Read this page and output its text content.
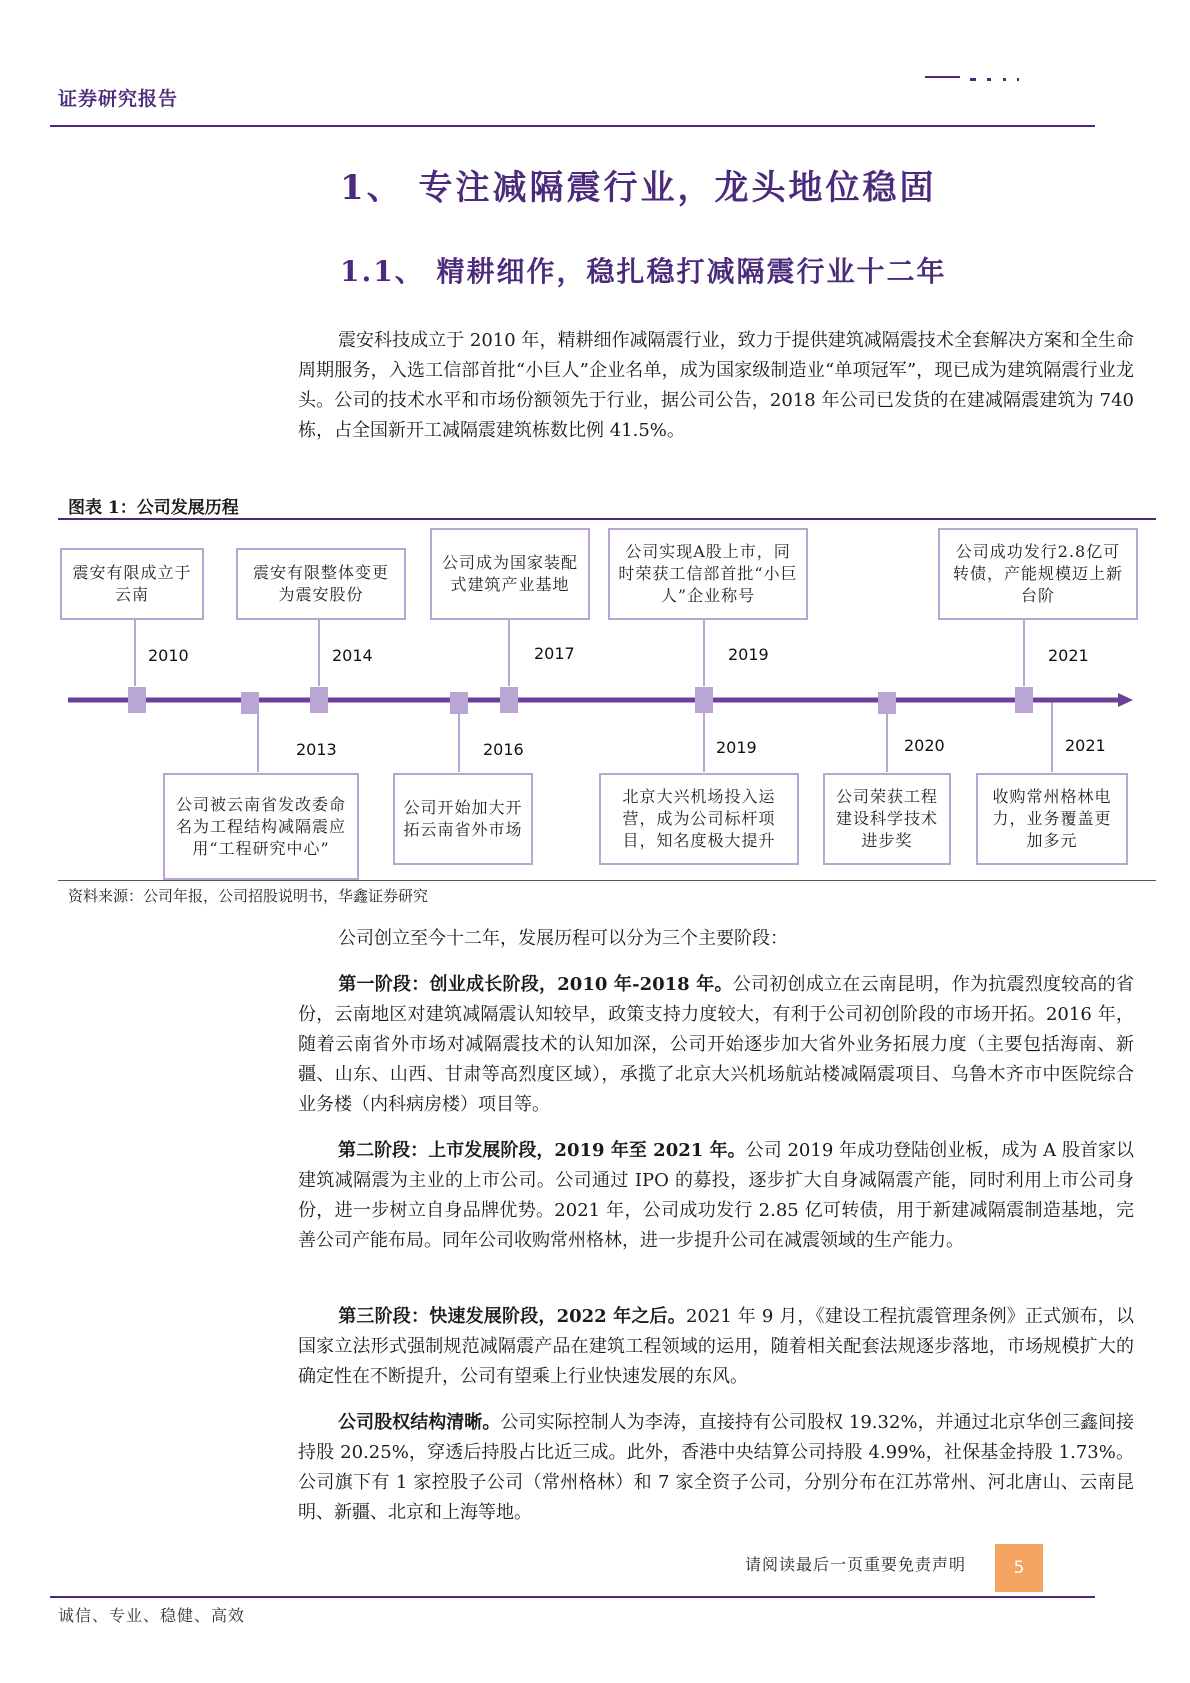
证券研究报告
1、 专注减隔震行业，龙头地位稳固
1.1、 精耕细作，稳扎稳打减隔震行业十二年
震安科技成立于 2010 年，精耕细作减隔震行业，致力于提供建筑减隔震技术全套解决方案和全生命周期服务，入选工信部首批“小巨人”企业名单，成为国家级制造业“单项冠军”，现已成为建筑隔震行业龙头。公司的技术水平和市场份额领先于行业，据公司公告，2018 年公司已发货的在建减隔震建筑为 740 栋，占全国新开工减隔震建筑栋数比例 41.5%。
图表 1：公司发展历程
震安有限成立于云南
震安有限整体变更为震安股份
公司成为国家装配式建筑产业基地
公司实现A股上市，同时荣获工信部首批“小巨人”企业称号
公司成功发行2.8亿可转债，产能规模迈上新台阶
2010	2014	2017	2019	2021
2013	2016	2019	2020	2021
公司被云南省发改委命名为工程结构减隔震应用“工程研究中心”
公司开始加大开拓云南省外市场
北京大兴机场投入运营，成为公司标杆项目，知名度极大提升
公司荣获工程建设科学技术进步奖
收购常州格林电力，业务覆盖更加多元
资料来源：公司年报，公司招股说明书，华鑫证券研究
公司创立至今十二年，发展历程可以分为三个主要阶段：
第一阶段：创业成长阶段，2010 年-2018 年。公司初创成立在云南昆明，作为抗震烈度较高的省份，云南地区对建筑减隔震认知较早，政策支持力度较大，有利于公司初创阶段的市场开拓。2016 年，随着云南省外市场对减隔震技术的认知加深，公司开始逐步加大省外业务拓展力度（主要包括海南、新疆、山东、山西、甘肃等高烈度区域），承揽了北京大兴机场航站楼减隔震项目、乌鲁木齐市中医院综合业务楼（内科病房楼）项目等。
第二阶段：上市发展阶段，2019 年至 2021 年。公司 2019 年成功登陆创业板，成为 A 股首家以建筑减隔震为主业的上市公司。公司通过 IPO 的募投，逐步扩大自身减隔震产能，同时利用上市公司身份，进一步树立自身品牌优势。2021 年，公司成功发行 2.85 亿可转债，用于新建减隔震制造基地，完善公司产能布局。同年公司收购常州格林，进一步提升公司在减震领域的生产能力。
第三阶段：快速发展阶段，2022 年之后。2021 年 9 月，《建设工程抗震管理条例》正式颁布，以国家立法形式强制规范减隔震产品在建筑工程领域的运用，随着相关配套法规逐步落地，市场规模扩大的确定性在不断提升，公司有望乘上行业快速发展的东风。
公司股权结构清晰。公司实际控制人为李涛，直接持有公司股权 19.32%，并通过北京华创三鑫间接持股 20.25%，穿透后持股占比近三成。此外，香港中央结算公司持股 4.99%，社保基金持股 1.73%。公司旗下有 1 家控股子公司（常州格林）和 7 家全资子公司，分别分布在江苏常州、河北唐山、云南昆明、新疆、北京和上海等地。
请阅读最后一页重要免责声明	5
诚信、专业、稳健、高效
